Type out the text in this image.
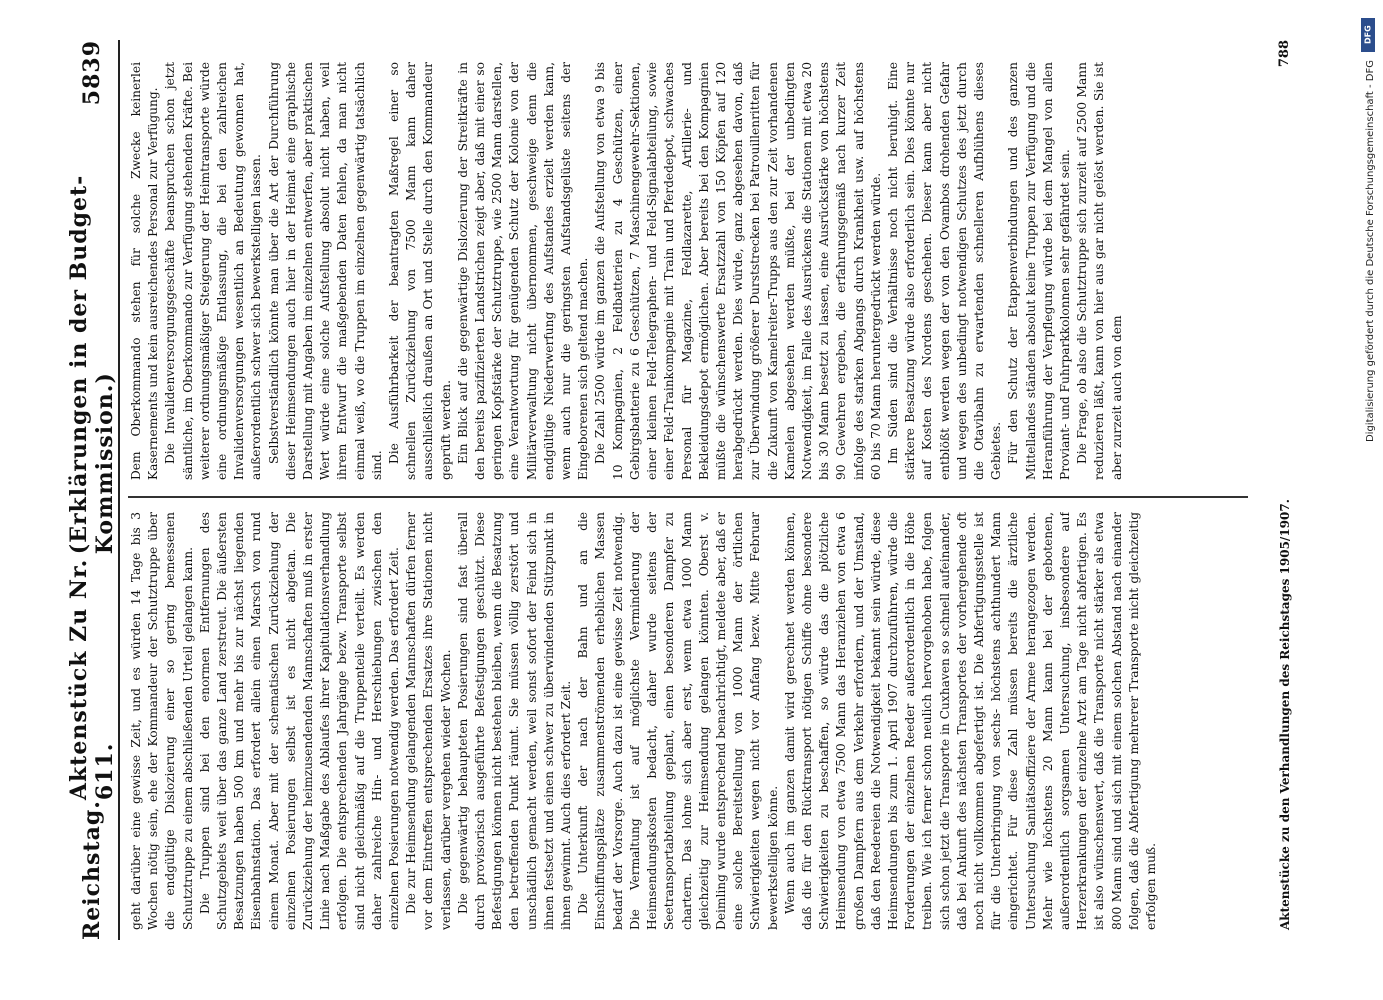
Reichstag.
Aktenstück Zu Nr. 611.
(Erklärungen in der Budget-Kommission.)
5839

geht darüber eine gewisse Zeit, und es würden 14 Tage bis 3 Wochen nötig sein, ehe der Kommandeur der Schutztruppe über die endgültige Dislozierung einer so gering bemessenen Schutztruppe zu einem abschließenden Urteil gelangen kann. Die Truppen sind bei den enormen Entfernungen des Schutzgebiets weit über das ganze Land zerstreut. Die äußersten Besatzungen haben 500 km und mehr bis zur nächst liegenden Eisenbahnstation. Das erfordert allein einen Marsch von rund einem Monat. Aber mit der schematischen Zurückziehung der einzelnen Posierungen selbst ist es nicht abgetan. Die Zurückziehung der heimzusendenden Mannschaften muß in erster Linie nach Maßgabe des Ablaufes ihrer Kapitulationsverhandlung erfolgen. Die entsprechenden Jahrgänge bezw. Transporte selbst sind nicht gleichmäßig auf die Truppenteile verteilt. Es werden daher zahlreiche Hin- und Herschiebungen zwischen den einzelnen Posierungen notwendig werden. Das erfordert Zeit. Die zur Heimsendung gelangenden Mannschaften dürfen ferner vor dem Eintreffen entsprechenden Ersatzes ihre Stationen nicht verlassen, darüber vergehen wieder Wochen. Die gegenwärtig behaupteten Posierungen sind fast überall durch provisorisch ausgeführte Befestigungen geschützt. Diese Befestigungen können nicht bestehen bleiben, wenn die Besatzung den betreffenden Punkt räumt. Sie müssen völlig zerstört und unschädlich gemacht werden, weil sonst sofort der Feind sich in ihnen festsetzt und einen schwer zu überwindenden Stützpunkt in ihnen gewinnt. Auch dies erfordert Zeit. Die Unterkunft der nach der Bahn und an die Einschiffungsplätze zusammenströmenden erheblichen Massen bedarf der Vorsorge. Auch dazu ist eine gewisse Zeit notwendig. Die Vermaltung ist auf möglichste Verminderung der Heimsendungskosten bedacht, daher wurde seitens der Seetransportabteilung geplant, einen besonderen Dampfer zu chartern. Das lohne sich aber erst, wenn etwa 1000 Mann gleichzeitig zur Heimsendung gelangen könnten. Oberst v. Deimling wurde entsprechend benachrichtigt, meldete aber, daß er eine solche Bereitstellung von 1000 Mann der örtlichen Schwierigkeiten wegen nicht vor Anfang bezw. Mitte Februar bewerkstelligen könne. Wenn auch im ganzen damit wird gerechnet werden können, daß die für den Rücktransport nötigen Schiffe ohne besondere Schwierigkeiten zu beschaffen, so würde das die plötzliche Heimsendung von etwa 7500 Mann das Heranziehen von etwa 6 großen Dampfern aus dem Verkehr erfordern, und der Umstand, daß den Reedereien die Notwendigkeit bekannt sein würde, diese Heimsendungen bis zum 1. April 1907 durchzuführen, würde die Forderungen der einzelnen Reeder außerordentlich in die Höhe treiben. Wie ich ferner schon neulich hervorgehoben habe, folgen sich schon jetzt die Transporte in Cuxhaven so schnell aufeinander, daß bei Ankunft des nächsten Transportes der vorhergehende oft noch nicht vollkommen abgefertigt ist. Die Abfertigungsstelle ist für die Unterbringung von sechs- höchstens achthundert Mann eingerichtet. Für diese Zahl müssen bereits die ärztliche Untersuchung Sanitätsoffiziere der Armee herangezogen werden. Mehr wie höchstens 20 Mann kann bei der gebotenen, außerordentlich sorgsamen Untersuchung, insbesondere auf Herzerkrankungen der einzelne Arzt am Tage nicht abfertigen. Es ist also wünschenswert, daß die Transporte nicht stärker als etwa 800 Mann sind und sich mit einem solchen Abstand nach einander folgen, daß die Abfertigung mehrerer Transporte nicht gleichzeitig erfolgen muß.

Dem Oberkommando stehen für solche Zwecke keinerlei Kasernements und kein ausreichendes Personal zur Verfügung. Die Invalidenversorgungsgeschäfte beanspruchen schon jetzt sämtliche, im Oberkommando zur Verfügung stehenden Kräfte. Bei weiterer ordnungsmäßiger Steigerung der Heimtransporte würde eine ordnungsmäßige Entlassung, die bei den zahlreichen Invalidenversorgungen wesentlich an Bedeutung gewonnen hat, außerordentlich schwer sich bewerkstelligen lassen. Selbstverständlich könnte man über die Art der Durchführung dieser Heimsendungen auch hier in der Heimat eine graphische Darstellung mit Angaben im einzelnen entwerfen, aber praktischen Wert würde eine solche Aufstellung absolut nicht haben, weil ihrem Entwurf die maßgebenden Daten fehlen, da man nicht einmal weiß, wo die Truppen im einzelnen gegenwärtig tatsächlich sind.

Die Ausführbarkeit der beantragten Maßregel einer so schnellen Zurückziehung von 7500 Mann kann daher ausschließlich draußen an Ort und Stelle durch den Kommandeur geprüft werden. Ein Blick auf die gegenwärtige Dislozierung der Streitkräfte in den bereits pazifizierten Landstrichen zeigt aber, daß mit einer so geringen Kopfstärke der Schutztruppe, wie 2500 Mann darstellen, eine Verantwortung für genügenden Schutz der Kolonie von der Militärverwaltung nicht übernommen, geschweige denn die endgültige Niederwerfung des Aufstandes erzielt werden kann, wenn auch nur die geringsten Aufstandsgelüste seitens der Eingeborenen sich geltend machen. Die Zahl 2500 würde im ganzen die Aufstellung von etwa 9 bis 10 Kompagnien, 2 Feldbatterien zu 4 Geschützen, einer Gebirgsbatterie zu 6 Geschützen, 7 Maschinengewehr-Sektionen, einer kleinen Feld-Telegraphen- und Feld-Signalabteilung, sowie einer Feld-Trainkompagnie mit Train und Pferdedepot, schwaches Personal für Magazine, Feldlazarette, Artillerie- und Bekleidungsdepot ermöglichen. Aber bereits bei den Kompagnien müßte die wünschenswerte Ersatzzahl von 150 Köpfen auf 120 herabgedrückt werden. Dies würde, ganz abgesehen davon, daß zur Überwindung größerer Durststrecken bei Patrouillenritten für die Zukunft von Kamelreiter-Trupps aus den zur Zeit vorhandenen Kamelen abgesehen werden müßte, bei der unbedingten Notwendigkeit, im Falle des Ausrückens die Stationen mit etwa 20 bis 30 Mann besetzt zu lassen, eine Ausrückstärke von höchstens 90 Gewehren ergeben, die erfahrungsgemäß nach kurzer Zeit infolge des starken Abgangs durch Krankheit usw. auf höchstens 60 bis 70 Mann heruntergedrückt werden würde. Im Süden sind die Verhältnisse noch nicht beruhigt. Eine stärkere Besatzung würde also erforderlich sein. Dies könnte nur auf Kosten des Nordens geschehen. Dieser kann aber nicht entblößt werden wegen der von den Ovambos drohenden Gefahr und wegen des unbedingt notwendigen Schutzes des jetzt durch die Otavibahn zu erwartenden schnelleren Aufblühens dieses Gebietes. Für den Schutz der Etappenverbindungen und des ganzen Mittellandes ständen absolut keine Truppen zur Verfügung und die Heranführung der Verpflegung würde bei dem Mangel von allen Proviant- und Fuhrparkkolonnen sehr gefährdet sein. Die Frage, ob also die Schutztruppe sich zurzeit auf 2500 Mann reduzieren läßt, kann von hier aus gar nicht gelöst werden. Sie ist aber zurzeit auch von dem

Aktenstücke zu den Verhandlungen des Reichstages 1905/1907.
788
DFG
Digitalisierung gefördert durch die Deutsche Forschungsgemeinschaft - DFG
